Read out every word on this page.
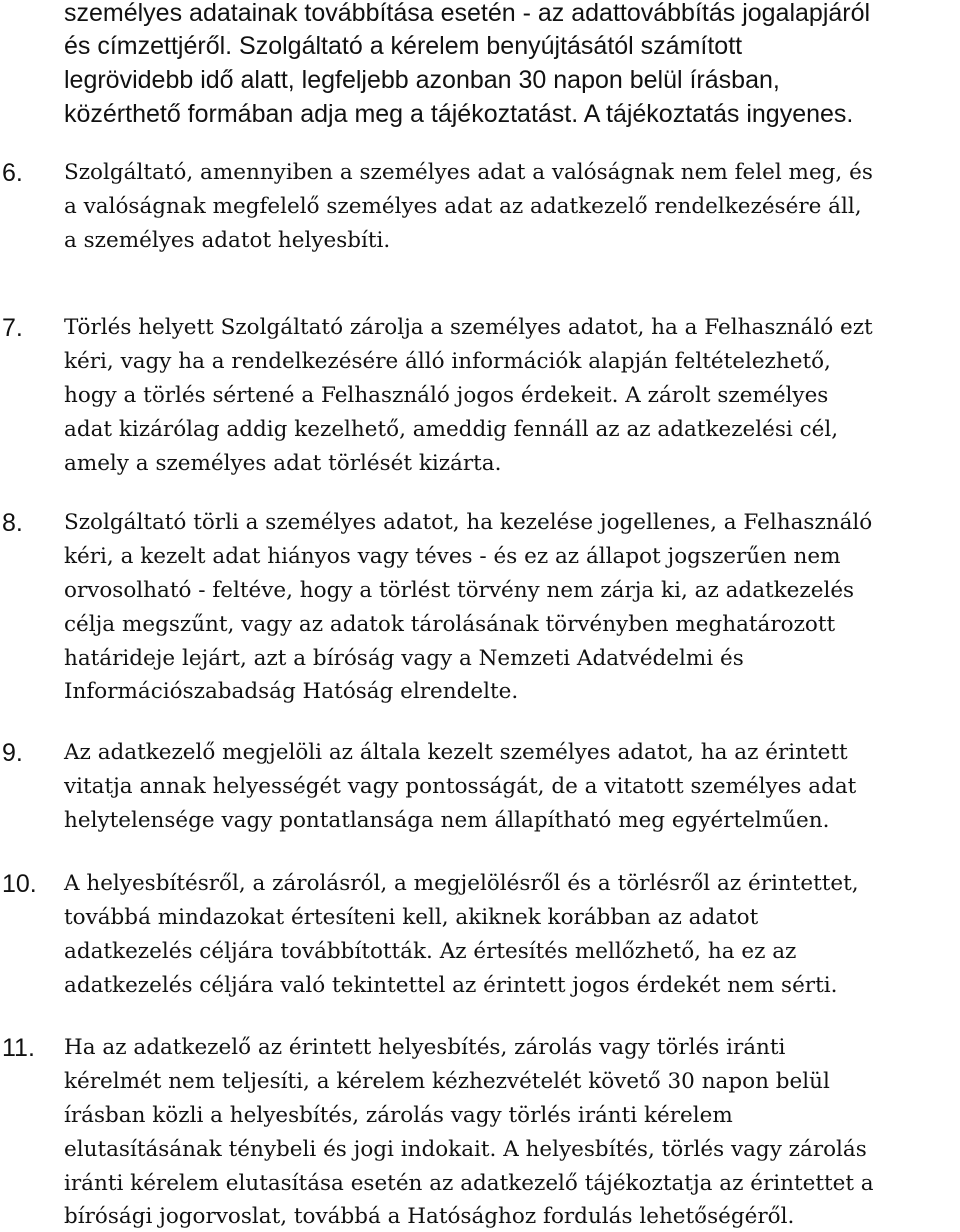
személyes adatainak továbbítása esetén - az adattovábbítás jogalapjáról
és címzettjéről. Szolgáltató a kérelem benyújtásától számított
legrövidebb idő alatt, legfeljebb azonban 30 napon belül írásban,
közérthető formában adja meg a tájékoztatást. A tájékoztatás ingyenes.
6. Szolgáltató, amennyiben a személyes adat a valóságnak nem felel meg, és
a valóságnak megfelelő személyes adat az adatkezelő rendelkezésére áll,
a személyes adatot helyesbíti.
7. Törlés helyett Szolgáltató zárolja a személyes adatot, ha a Felhasználó ezt
kéri, vagy ha a rendelkezésére álló információk alapján feltételezhető,
hogy a törlés sértené a Felhasználó jogos érdekeit. A zárolt személyes
adat kizárólag addig kezelhető, ameddig fennáll az az adatkezelési cél,
amely a személyes adat törlését kizárta.
8. Szolgáltató törli a személyes adatot, ha kezelése jogellenes, a Felhasználó
kéri, a kezelt adat hiányos vagy téves - és ez az állapot jogszerűen nem
orvosolható - feltéve, hogy a törlést törvény nem zárja ki, az adatkezelés
célja megszűnt, vagy az adatok tárolásának törvényben meghatározott
határideje lejárt, azt a bíróság vagy a Nemzeti Adatvédelmi és
Információszabadság Hatóság elrendelte.
9. Az adatkezelő megjelöli az általa kezelt személyes adatot, ha az érintett
vitatja annak helyességét vagy pontosságát, de a vitatott személyes adat
helytelensége vagy pontatlansága nem állapítható meg egyértelműen.
10. A helyesbítésről, a zárolásról, a megjelölésről és a törlésről az érintettet,
továbbá mindazokat értesíteni kell, akiknek korábban az adatot
adatkezelés céljára továbbították. Az értesítés mellőzhető, ha ez az
adatkezelés céljára való tekintettel az érintett jogos érdekét nem sérti.
11. Ha az adatkezelő az érintett helyesbítés, zárolás vagy törlés iránti
kérelmét nem teljesíti, a kérelem kézhezvételét követő 30 napon belül
írásban közli a helyesbítés, zárolás vagy törlés iránti kérelem
elutasításának ténybeli és jogi indokait. A helyesbítés, törlés vagy zárolás
iránti kérelem elutasítása esetén az adatkezelő tájékoztatja az érintettet a
bírósági jogorvoslat, továbbá a Hatósághoz fordulás lehetőségéről.
